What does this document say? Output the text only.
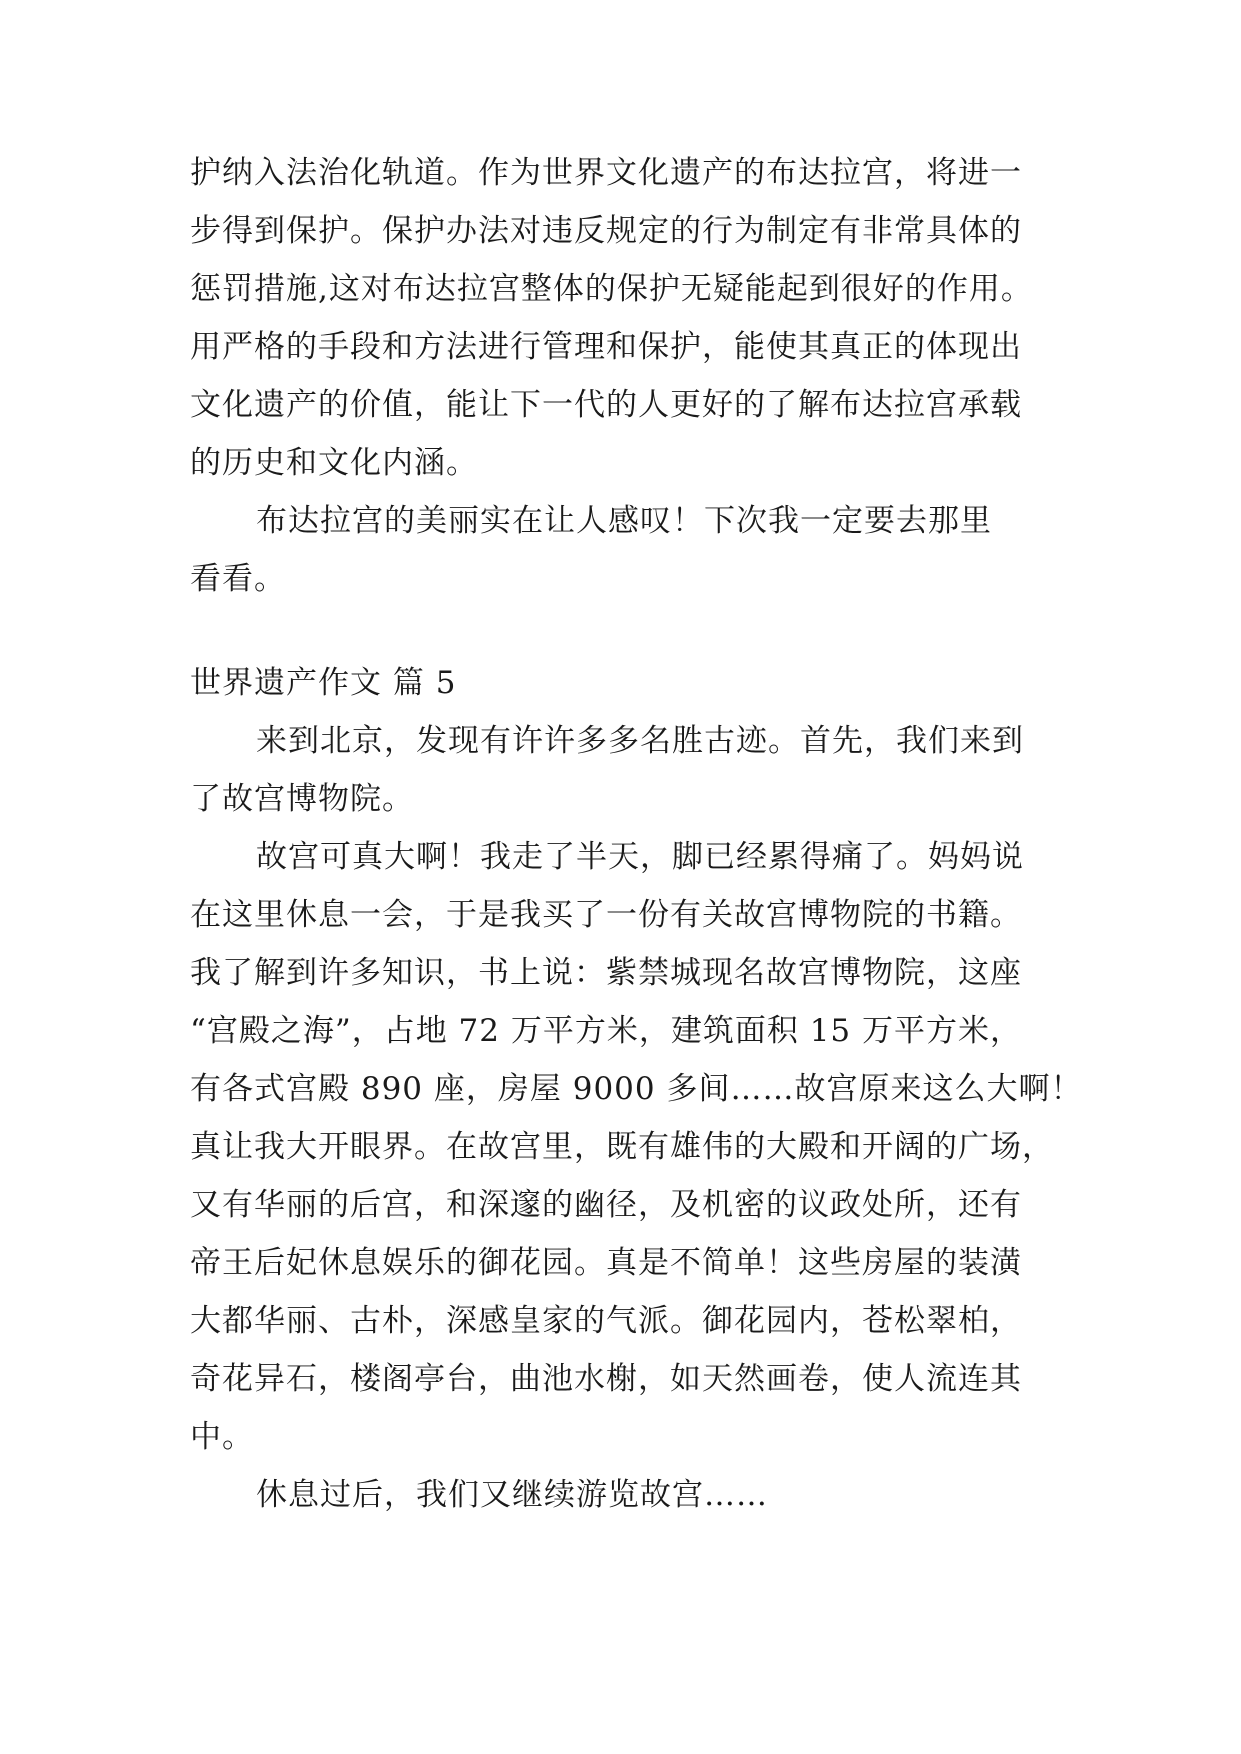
护纳入法治化轨道。作为世界文化遗产的布达拉宫，将进一
步得到保护。保护办法对违反规定的行为制定有非常具体的
惩罚措施,这对布达拉宫整体的保护无疑能起到很好的作用。
用严格的手段和方法进行管理和保护，能使其真正的体现出
文化遗产的价值，能让下一代的人更好的了解布达拉宫承载
的历史和文化内涵。
布达拉宫的美丽实在让人感叹！下次我一定要去那里
看看。
世界遗产作文 篇 5
来到北京，发现有许许多多名胜古迹。首先，我们来到
了故宫博物院。
故宫可真大啊！我走了半天，脚已经累得痛了。妈妈说
在这里休息一会，于是我买了一份有关故宫博物院的书籍。
我了解到许多知识，书上说：紫禁城现名故宫博物院，这座
“宫殿之海”，占地 72 万平方米，建筑面积 15 万平方米，
有各式宫殿 890 座，房屋 9000 多间……故宫原来这么大啊！
真让我大开眼界。在故宫里，既有雄伟的大殿和开阔的广场，
又有华丽的后宫，和深邃的幽径，及机密的议政处所，还有
帝王后妃休息娱乐的御花园。真是不简单！这些房屋的装潢
大都华丽、古朴，深感皇家的气派。御花园内，苍松翠柏，
奇花异石，楼阁亭台，曲池水榭，如天然画卷，使人流连其
中。
休息过后，我们又继续游览故宫……
